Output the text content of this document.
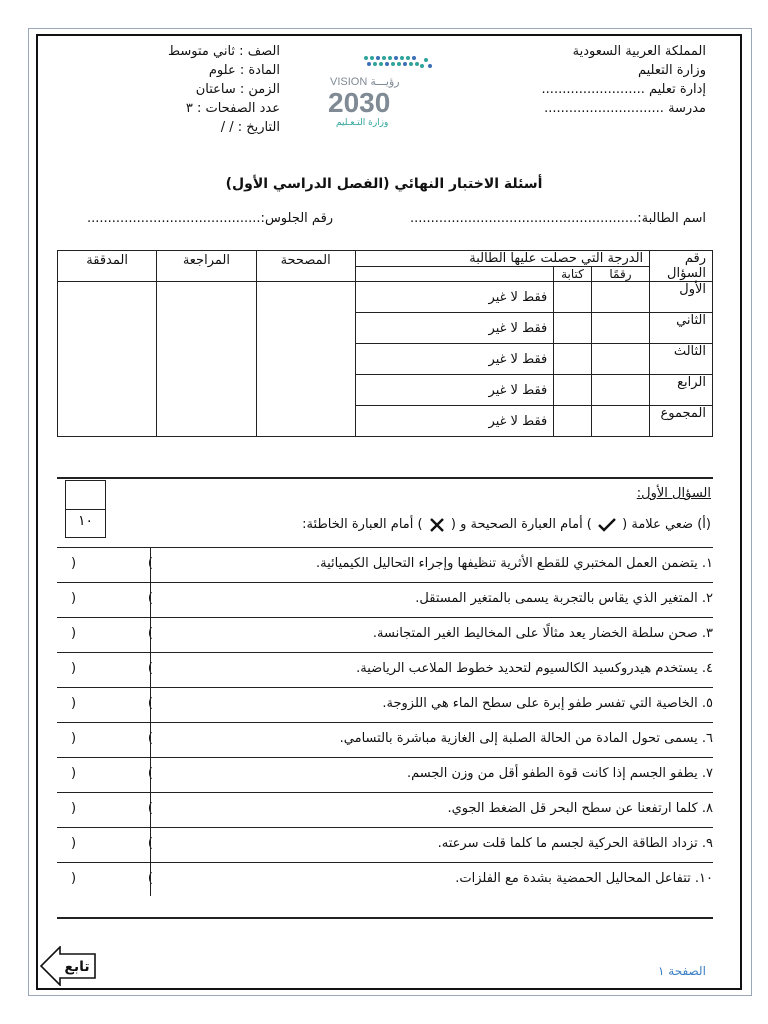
المملكة العربية السعودية
وزارة التعليم
إدارة تعليم .........................
مدرسة .............................
VISION رؤيـــة
2030
وزارة التـعـليم
الصف : ثاني متوسط
المادة : علوم
الزمن : ساعتان
عدد الصفحات : ٣
التاريخ : / /
أسئلة الاختبار النهائي (الفصل الدراسي الأول)
اسم الطالبة:.......................................................
رقم الجلوس:..........................................
رقم السؤال	الدرجة التي حصلت عليها الطالبة			المصححة	المراجعة	المدققة
	رقمًا	كتابة				
الأول			فقط لا غير			
الثاني			فقط لا غير			
الثالث			فقط لا غير			
الرابع			فقط لا غير			
المجموع			فقط لا غير			
السؤال الأول:
١٠	(أ) ضعي علامة (  ) أمام العبارة الصحيحة و (  ) أمام العبارة الخاطئة:
١. يتضمن العمل المختبري للقطع الأثرية تنظيفها وإجراء التحاليل الكيميائية.
)	(
٢. المتغير الذي يقاس بالتجربة يسمى بالمتغير المستقل.
)	(
٣. صحن سلطة الخضار يعد مثالًا على المخاليط الغير المتجانسة.
)	(
٤. يستخدم هيدروكسيد الكالسيوم لتحديد خطوط الملاعب الرياضية.
)	(
٥. الخاصية التي تفسر طفو إبرة على سطح الماء هي اللزوجة.
)	(
٦. يسمى تحول المادة من الحالة الصلبة إلى الغازية مباشرة بالتسامي.
)	(
٧. يطفو الجسم إذا كانت قوة الطفو أقل من وزن الجسم.
)	(
٨. كلما ارتفعنا عن سطح البحر قل الضغط الجوي.
)	(
٩. تزداد الطاقة الحركية لجسم ما كلما قلت سرعته.
)	(
١٠. تتفاعل المحاليل الحمضية بشدة مع الفلزات.
)	(
تابع	الصفحة ١
